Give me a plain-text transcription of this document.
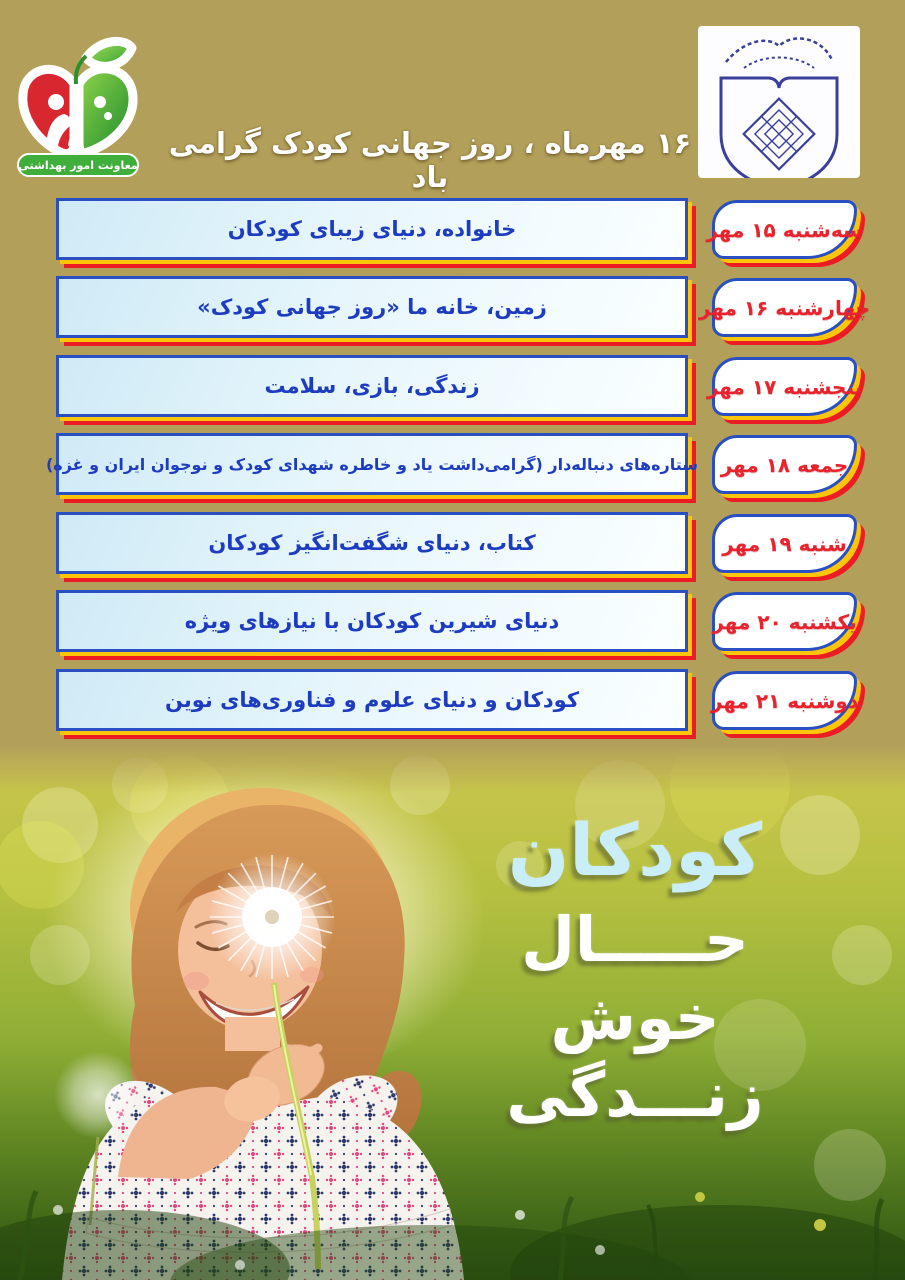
معاونت امور بهداشتی
۱۶ مهرماه ، روز جهانی کودک گرامی باد
خانواده، دنیای زیبای کودکان	سه‌شنبه ۱۵ مهر
زمین، خانه ما «روز جهانی کودک»	چهارشنبه ۱۶ مهر
زندگی، بازی، سلامت	پنجشنبه ۱۷ مهر
ستاره‌های دنباله‌دار (گرامی‌داشت یاد و خاطره شهدای کودک و نوجوان ایران و غزه) جمعه ۱۸ مهر
کتاب، دنیای شگفت‌انگیز کودکان	شنبه ۱۹ مهر
دنیای شیرین کودکان با نیازهای ویژه	یکشنبه ۲۰ مهر
کودکان و دنیای علوم و فناوری‌های نوین	دوشنبه ۲۱ مهر
کودکان
حـــــال
خوش
زنـــدگی
